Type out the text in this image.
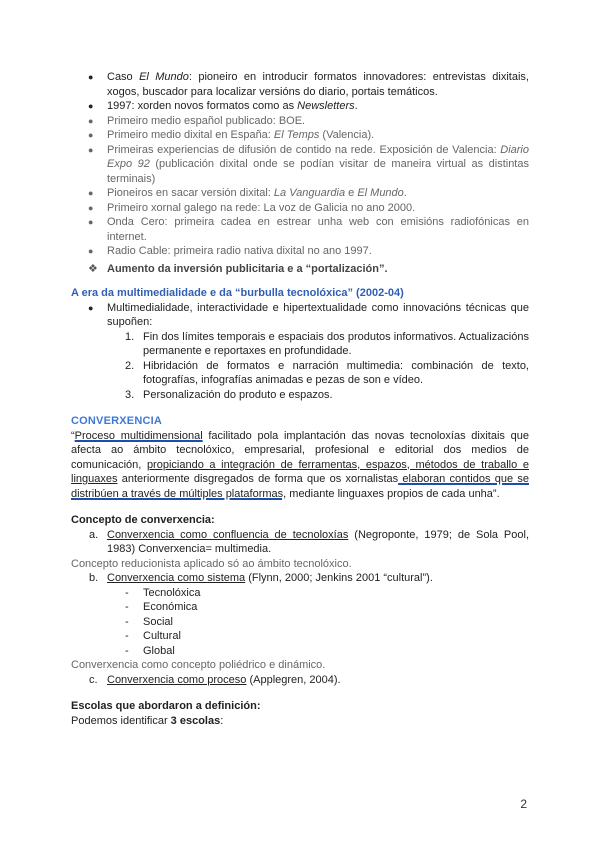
● Caso El Mundo: pioneiro en introducir formatos innovadores: entrevistas dixitais, xogos, buscador para localizar versións do diario, portais temáticos.
● 1997: xorden novos formatos como as Newsletters.
● Primeiro medio español publicado: BOE.
● Primeiro medio dixital en España: El Temps (Valencia).
● Primeiras experiencias de difusión de contido na rede. Exposición de Valencia: Diario Expo 92 (publicación dixital onde se podían visitar de maneira virtual as distintas terminais)
● Pioneiros en sacar versión dixital: La Vanguardia e El Mundo.
● Primeiro xornal galego na rede: La voz de Galicia no ano 2000.
● Onda Cero: primeira cadea en estrear unha web con emisións radiofónicas en internet.
● Radio Cable: primeira radio nativa dixital no ano 1997.
❖ Aumento da inversión publicitaria e a “portalización”.
A era da multimedialidade e da “burbulla tecnolóxica” (2002-04)
● Multimedialidade, interactividade e hipertextualidade como innovacións técnicas que supoñen:
1. Fin dos límites temporais e espaciais dos produtos informativos. Actualizacións permanente e reportaxes en profundidade.
2. Hibridación de formatos e narración multimedia: combinación de texto, fotografías, infografías animadas e pezas de son e vídeo.
3. Personalización do produto e espazos.
CONVERXENCIA

“Proceso multidimensional facilitado pola implantación das novas tecnoloxías dixitais que afecta ao ámbito tecnolóxico, empresarial, profesional e editorial dos medios de comunicación, propiciando a integración de ferramentas, espazos, métodos de traballo e linguaxes anteriormente disgregados de forma que os xornalistas elaboran contidos que se distribúen a través de múltiples plataformas, mediante linguaxes propios de cada unha”.

Concepto de converxencia:
a. Converxencia como confluencia de tecnoloxías (Negroponte, 1979; de Sola Pool, 1983) Converxencia= multimedia.
Concepto reducionista aplicado só ao ámbito tecnolóxico.
b. Converxencia como sistema (Flynn, 2000; Jenkins 2001 “cultural”).
- Tecnolóxica
- Económica
- Social
- Cultural
- Global
Converxencia como concepto poliédrico e dinámico.
c. Converxencia como proceso (Applegren, 2004).
Escolas que abordaron a definición:
Podemos identificar 3 escolas:
2
